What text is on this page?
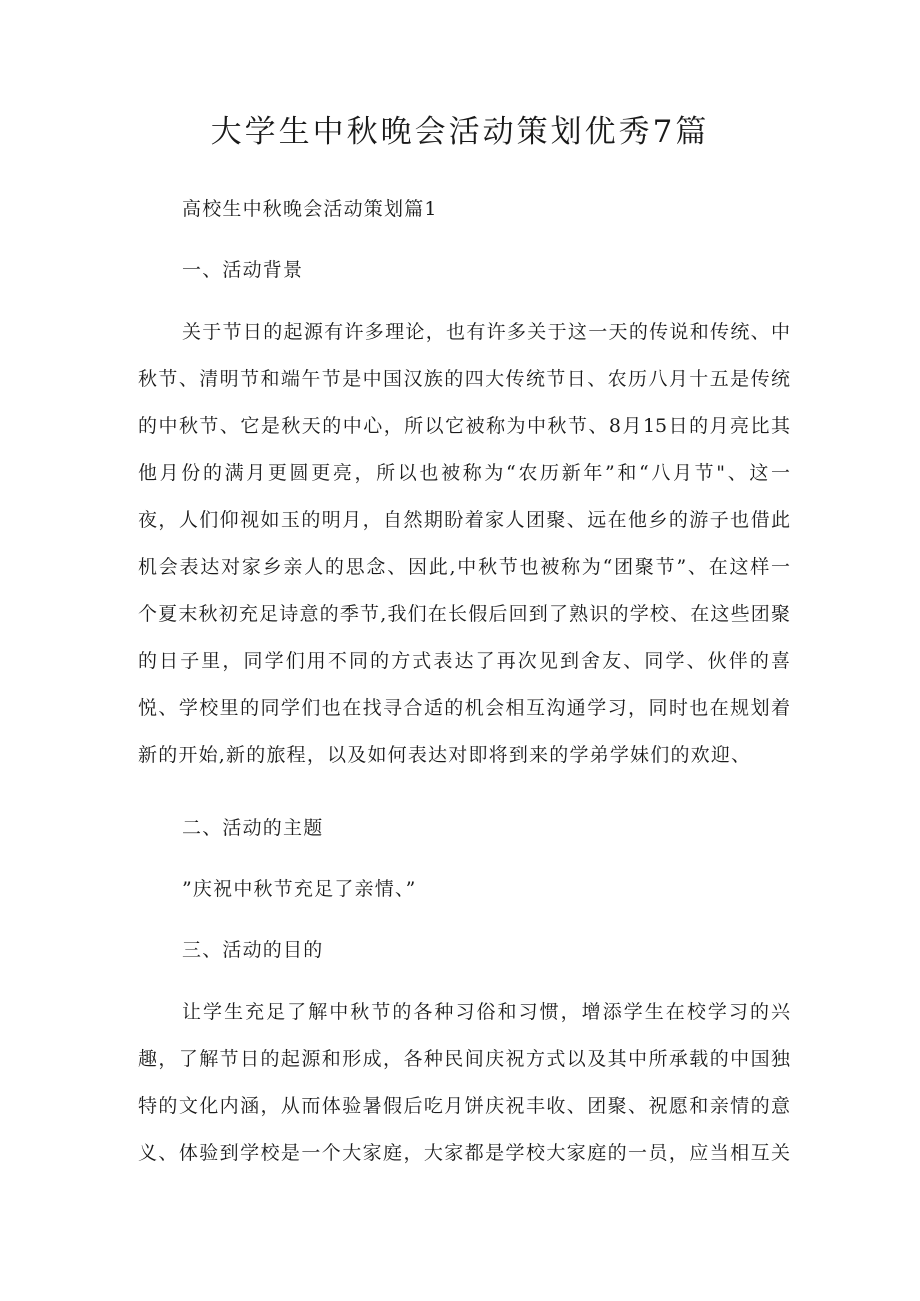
大学生中秋晚会活动策划优秀7篇

高校生中秋晚会活动策划篇1

一、活动背景

关于节日的起源有许多理论，也有许多关于这一天的传说和传统、中

秋节、清明节和端午节是中国汉族的四大传统节日、农历八月十五是传统

的中秋节、它是秋天的中心，所以它被称为中秋节、8月15日的月亮比其

他月份的满月更圆更亮，所以也被称为“农历新年”和“八月节"、这一

夜，人们仰视如玉的明月，自然期盼着家人团聚、远在他乡的游子也借此

机会表达对家乡亲人的思念、因此,中秋节也被称为“团聚节”、在这样一

个夏末秋初充足诗意的季节,我们在长假后回到了熟识的学校、在这些团聚

的日子里，同学们用不同的方式表达了再次见到舍友、同学、伙伴的喜

悦、学校里的同学们也在找寻合适的机会相互沟通学习，同时也在规划着

新的开始,新的旅程，以及如何表达对即将到来的学弟学妹们的欢迎、

二、活动的主题

”庆祝中秋节充足了亲情、”

三、活动的目的

让学生充足了解中秋节的各种习俗和习惯，增添学生在校学习的兴

趣，了解节日的起源和形成，各种民间庆祝方式以及其中所承载的中国独

特的文化内涵，从而体验暑假后吃月饼庆祝丰收、团聚、祝愿和亲情的意

义、体验到学校是一个大家庭，大家都是学校大家庭的一员，应当相互关
